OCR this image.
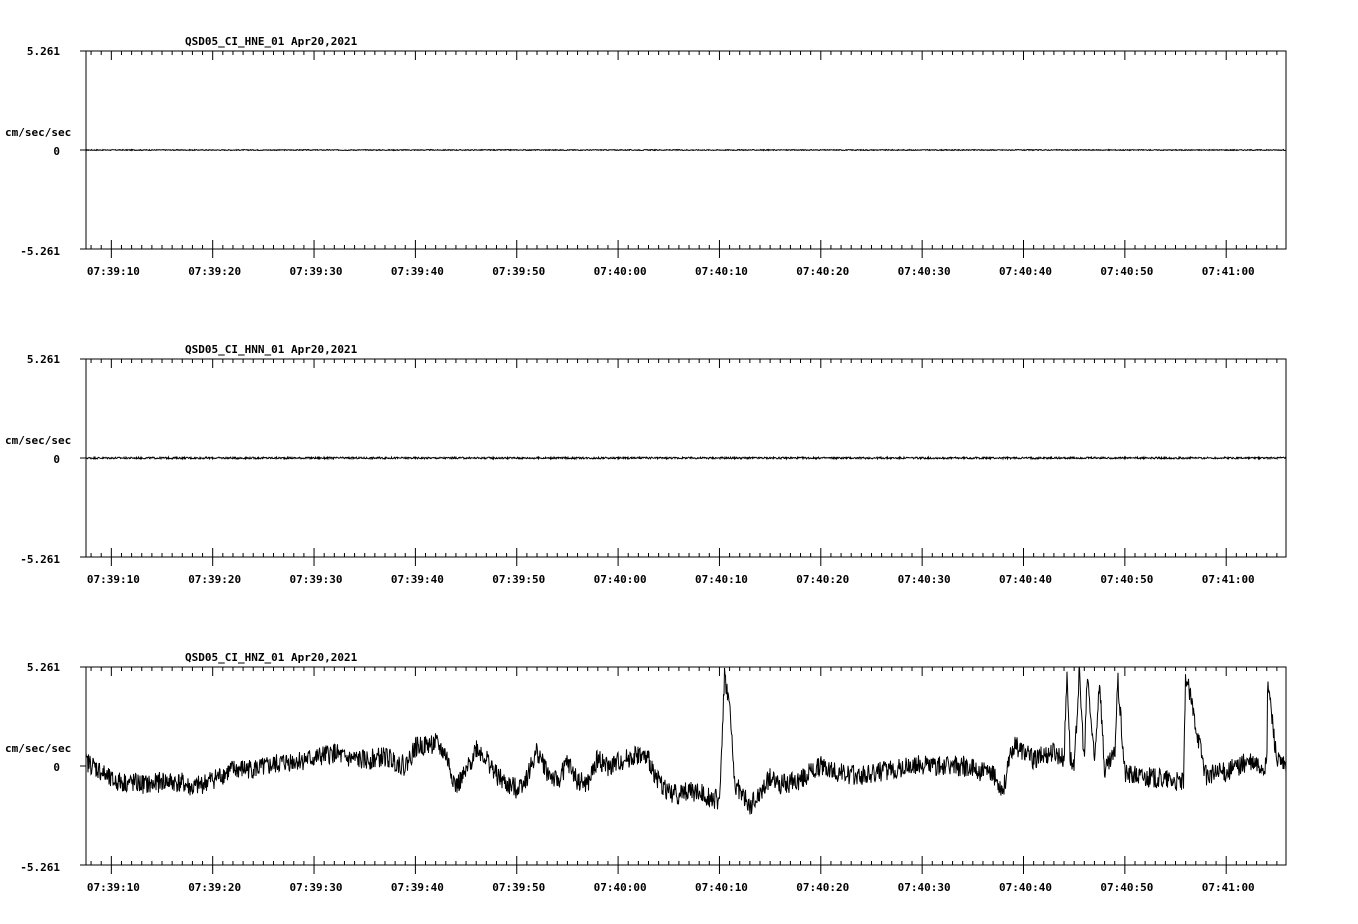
QSD05_CI_HNE_01 Apr20,2021
cm/sec/sec
5.261
0
-5.261
07:39:10	07:39:20	07:39:30	07:39:40	07:39:50	07:40:00	07:40:10	07:40:20	07:40:30	07:40:40	07:40:50	07:41:00
QSD05_CI_HNN_01 Apr20,2021
cm/sec/sec
5.261
0
-5.261
07:39:10	07:39:20	07:39:30	07:39:40	07:39:50	07:40:00	07:40:10	07:40:20	07:40:30	07:40:40	07:40:50	07:41:00
QSD05_CI_HNZ_01 Apr20,2021
cm/sec/sec
5.261
0
-5.261
07:39:10	07:39:20	07:39:30	07:39:40	07:39:50	07:40:00	07:40:10	07:40:20	07:40:30	07:40:40	07:40:50	07:41:00
